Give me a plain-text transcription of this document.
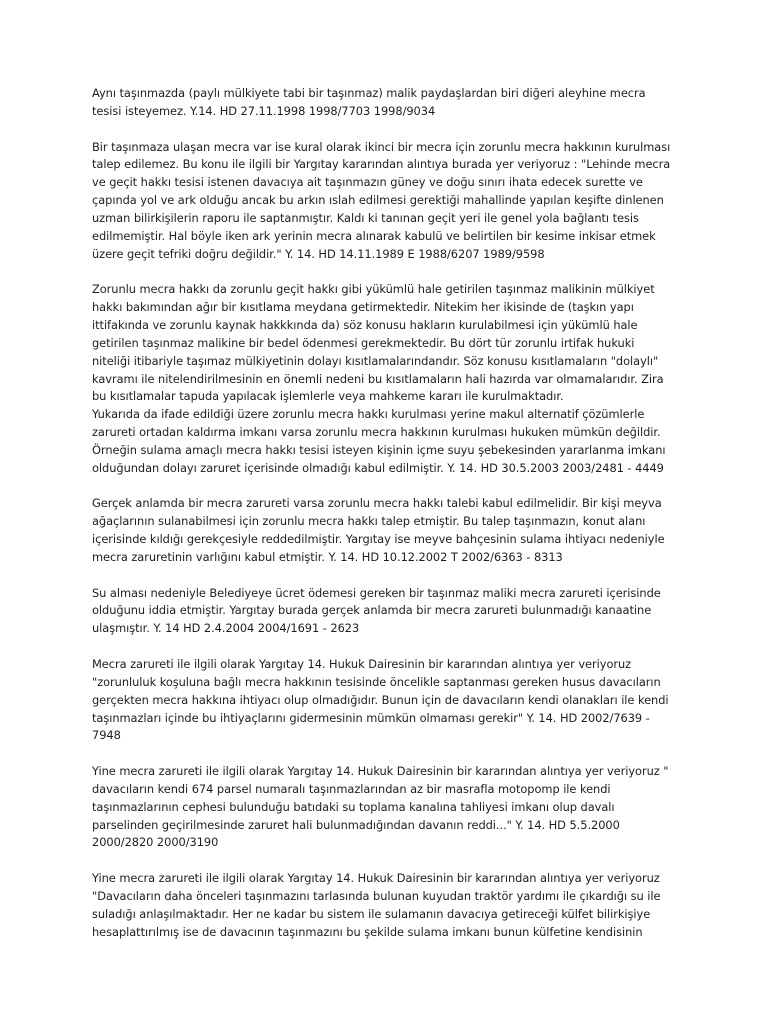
Aynı taşınmazda (paylı mülkiyete tabi bir taşınmaz) malik paydaşlardan biri diğeri aleyhine mecra
tesisi isteyemez. Y.14. HD 27.11.1998 1998/7703 1998/9034
Bir taşınmaza ulaşan mecra var ise kural olarak ikinci bir mecra için zorunlu mecra hakkının kurulması
talep edilemez. Bu konu ile ilgili bir Yargıtay kararından alıntıya burada yer veriyoruz : "Lehinde mecra
ve geçit hakkı tesisi istenen davacıya ait taşınmazın güney ve doğu sınırı ihata edecek surette ve
çapında yol ve ark olduğu ancak bu arkın ıslah edilmesi gerektiği mahallinde yapılan keşifte dinlenen
uzman bilirkişilerin raporu ile saptanmıştır. Kaldı ki tanınan geçit yeri ile genel yola bağlantı tesis
edilmemiştir. Hal böyle iken ark yerinin mecra alınarak kabulü ve belirtilen bir kesime inkisar etmek
üzere geçit tefriki doğru değildir." Y. 14. HD 14.11.1989 E 1988/6207 1989/9598
Zorunlu mecra hakkı da zorunlu geçit hakkı gibi yükümlü hale getirilen taşınmaz malikinin mülkiyet
hakkı bakımından ağır bir kısıtlama meydana getirmektedir. Nitekim her ikisinde de (taşkın yapı
ittifakında ve zorunlu kaynak hakkkında da) söz konusu hakların kurulabilmesi için yükümlü hale
getirilen taşınmaz malikine bir bedel ödenmesi gerekmektedir. Bu dört tür zorunlu irtifak hukuki
niteliği itibariyle taşımaz mülkiyetinin dolayı kısıtlamalarındandır. Söz konusu kısıtlamaların "dolaylı"
kavramı ile nitelendirilmesinin en önemli nedeni bu kısıtlamaların hali hazırda var olmamalarıdır. Zira
bu kısıtlamalar tapuda yapılacak işlemlerle veya mahkeme kararı ile kurulmaktadır.
Yukarıda da ifade edildiği üzere zorunlu mecra hakkı kurulması yerine makul alternatif çözümlerle
zarureti ortadan kaldırma imkanı varsa zorunlu mecra hakkının kurulması hukuken mümkün değildir.
Örneğin sulama amaçlı mecra hakkı tesisi isteyen kişinin içme suyu şebekesinden yararlanma imkanı
olduğundan dolayı zaruret içerisinde olmadığı kabul edilmiştir. Y. 14. HD 30.5.2003 2003/2481 - 4449
Gerçek anlamda bir mecra zarureti varsa zorunlu mecra hakkı talebi kabul edilmelidir. Bir kişi meyva
ağaçlarının sulanabilmesi için zorunlu mecra hakkı talep etmiştir. Bu talep taşınmazın, konut alanı
içerisinde kıldığı gerekçesiyle reddedilmiştir. Yargıtay ise meyve bahçesinin sulama ihtiyacı nedeniyle
mecra zaruretinin varlığını kabul etmiştir. Y. 14. HD 10.12.2002 T 2002/6363 - 8313
Su alması nedeniyle Belediyeye ücret ödemesi gereken bir taşınmaz maliki mecra zarureti içerisinde
olduğunu iddia etmiştir. Yargıtay burada gerçek anlamda bir mecra zarureti bulunmadığı kanaatine
ulaşmıştır. Y. 14 HD 2.4.2004 2004/1691 - 2623
Mecra zarureti ile ilgili olarak Yargıtay 14. Hukuk Dairesinin bir kararından alıntıya yer veriyoruz
"zorunluluk koşuluna bağlı mecra hakkının tesisinde öncelikle saptanması gereken husus davacıların
gerçekten mecra hakkına ihtiyacı olup olmadığıdır. Bunun için de davacıların kendi olanakları ile kendi
taşınmazları içinde bu ihtiyaçlarını gidermesinin mümkün olmaması gerekir" Y. 14. HD 2002/7639 -
7948
Yine mecra zarureti ile ilgili olarak Yargıtay 14. Hukuk Dairesinin bir kararından alıntıya yer veriyoruz "
davacıların kendi 674 parsel numaralı taşınmazlarından az bir masrafla motopomp ile kendi
taşınmazlarının cephesi bulunduğu batıdaki su toplama kanalına tahliyesi imkanı olup davalı
parselinden geçirilmesinde zaruret hali bulunmadığından davanın reddi..." Y. 14. HD 5.5.2000
2000/2820 2000/3190
Yine mecra zarureti ile ilgili olarak Yargıtay 14. Hukuk Dairesinin bir kararından alıntıya yer veriyoruz
"Davacıların daha önceleri taşınmazını tarlasında bulunan kuyudan traktör yardımı ile çıkardığı su ile
suladığı anlaşılmaktadır. Her ne kadar bu sistem ile sulamanın davacıya getireceği külfet bilirkişiye
hesaplattırılmış ise de davacının taşınmazını bu şekilde sulama imkanı bunun külfetine kendisinin
